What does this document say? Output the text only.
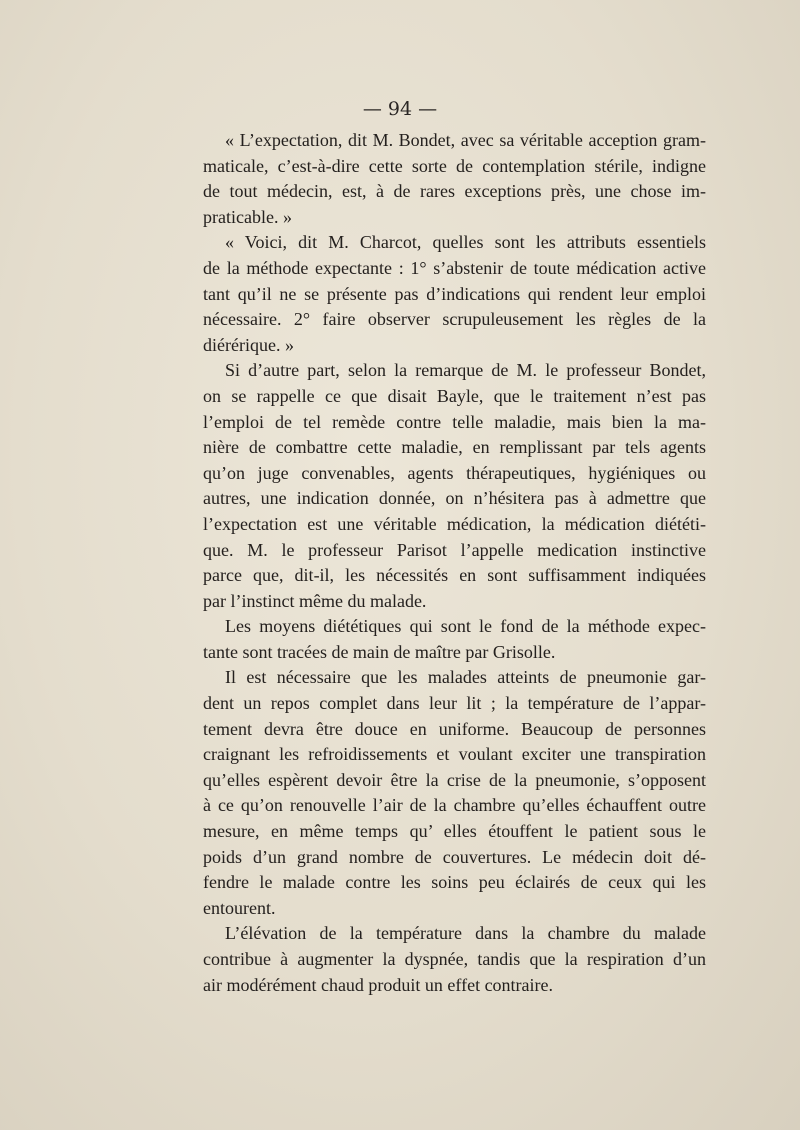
— 94 —
« L’expectation, dit M. Bondet, avec sa véritable acception gram-
maticale, c’est-à-dire cette sorte de contemplation stérile, indigne
de tout médecin, est, à de rares exceptions près, une chose im-
praticable. »
« Voici, dit M. Charcot, quelles sont les attributs essentiels
de la méthode expectante : 1° s’abstenir de toute médication active
tant qu’il ne se présente pas d’indications qui rendent leur emploi
nécessaire. 2° faire observer scrupuleusement les règles de la
diérérique. »
Si d’autre part, selon la remarque de M. le professeur Bondet,
on se rappelle ce que disait Bayle, que le traitement n’est pas
l’emploi de tel remède contre telle maladie, mais bien la ma-
nière de combattre cette maladie, en remplissant par tels agents
qu’on juge convenables, agents thérapeutiques, hygiéniques ou
autres, une indication donnée, on n’hésitera pas à admettre que
l’expectation est une véritable médication, la médication diététi-
que. M. le professeur Parisot l’appelle medication instinctive
parce que, dit-il, les nécessités en sont suffisamment indiquées
par l’instinct même du malade.
Les moyens diététiques qui sont le fond de la méthode expec-
tante sont tracées de main de maître par Grisolle.
Il est nécessaire que les malades atteints de pneumonie gar-
dent un repos complet dans leur lit ; la température de l’appar-
tement devra être douce en uniforme. Beaucoup de personnes
craignant les refroidissements et voulant exciter une transpiration
qu’elles espèrent devoir être la crise de la pneumonie, s’opposent
à ce qu’on renouvelle l’air de la chambre qu’elles échauffent outre
mesure, en même temps qu’ elles étouffent le patient sous le
poids d’un grand nombre de couvertures. Le médecin doit dé-
fendre le malade contre les soins peu éclairés de ceux qui les
entourent.
L’élévation de la température dans la chambre du malade
contribue à augmenter la dyspnée, tandis que la respiration d’un
air modérément chaud produit un effet contraire.
